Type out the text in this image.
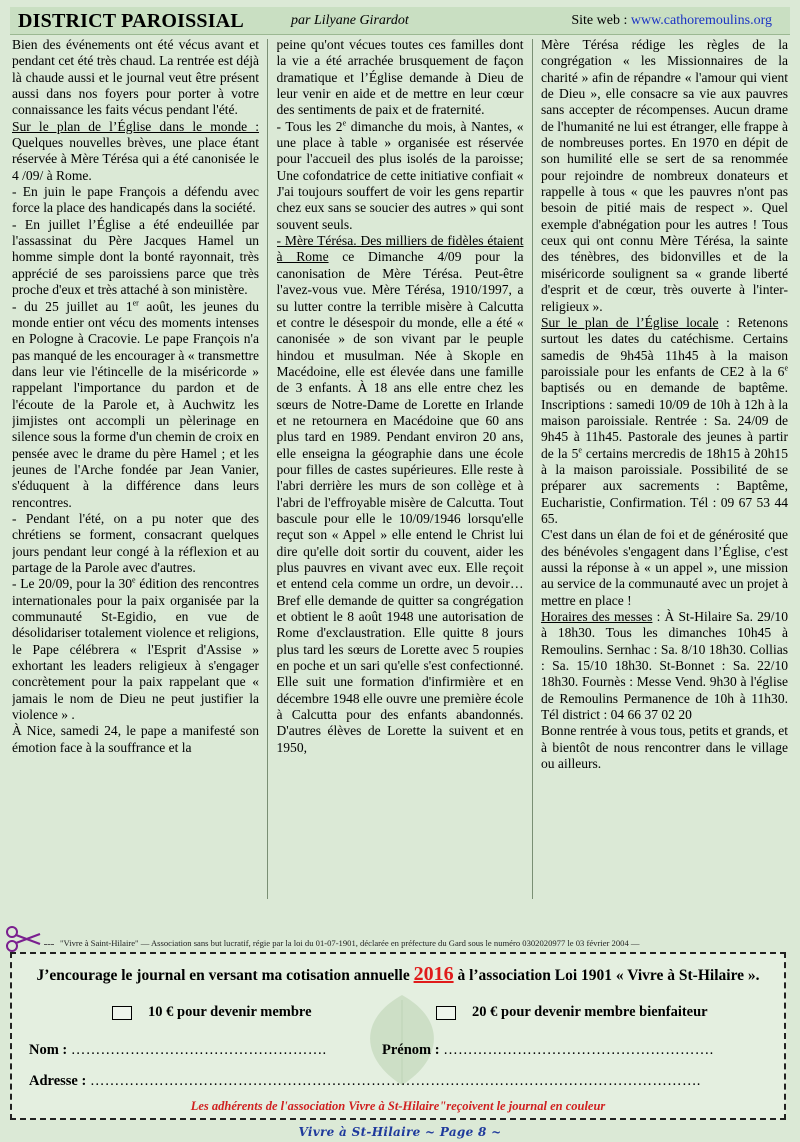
DISTRICT PAROISSIAL	par Lilyane Girardot	Site web : www.cathoremoulins.org

Bien des événements ont été vécus avant et pendant cet été très chaud. La rentrée est déjà là chaude aussi et le journal veut être présent aussi dans nos foyers pour porter à votre connaissance les faits vécus pendant l'été.

Sur le plan de l’Église dans le monde : Quelques nouvelles brèves, une place étant réservée à Mère Térésa qui a été canonisée le 4 /09/ à Rome.

- En juin le pape François a défendu avec force la place des handicapés dans la société.

- En juillet l’Église a été endeuillée par l'assassinat du Père Jacques Hamel un homme simple dont la bonté rayonnait, très apprécié de ses paroissiens parce que très proche d'eux et très attaché à son ministère.

- du 25 juillet au 1er août, les jeunes du monde entier ont vécu des moments intenses en Pologne à Cracovie. Le pape François n'a pas manqué de les encourager à « transmettre dans leur vie l'étincelle de la miséricorde » rappelant l'importance du pardon et de l'écoute de la Parole et, à Auchwitz les jimjistes ont accompli un pèlerinage en silence sous la forme d'un chemin de croix en pensée avec le drame du père Hamel ; et les jeunes de l'Arche fondée par Jean Vanier, s'éduquent à la différence dans leurs rencontres.

- Pendant l'été, on a pu noter que des chrétiens se forment, consacrant quelques jours pendant leur congé à la réflexion et au partage de la Parole avec d'autres.

- Le 20/09, pour la 30e édition des rencontres internationales pour la paix organisée par la communauté St-Egidio, en vue de désolidariser totalement violence et religions, le Pape célébrera « l'Esprit d'Assise » exhortant les leaders religieux à s'engager concrètement pour la paix rappelant que « jamais le nom de Dieu ne peut justifier la violence » .

À Nice, samedi 24, le pape a manifesté son émotion face à la souffrance et la

peine qu'ont vécues toutes ces familles dont la vie a été arrachée brusquement de façon dramatique et l’Église demande à Dieu de leur venir en aide et de mettre en leur cœur des sentiments de paix et de fraternité.

- Tous les 2e dimanche du mois, à Nantes, « une place à table » organisée est réservée pour l'accueil des plus isolés de la paroisse; Une cofondatrice de cette initiative confiait « J'ai toujours souffert de voir les gens repartir chez eux sans se soucier des autres » qui sont souvent seuls.

- Mère Térésa. Des milliers de fidèles étaient à Rome ce Dimanche 4/09 pour la canonisation de Mère Térésa. Peut-être l'avez-vous vue. Mère Térésa, 1910/1997, a su lutter contre la terrible misère à Calcutta et contre le désespoir du monde, elle a été « canonisée » de son vivant par le peuple hindou et musulman. Née à Skople en Macédoine, elle est élevée dans une famille de 3 enfants. À 18 ans elle entre chez les sœurs de Notre-Dame de Lorette en Irlande et ne retournera en Macédoine que 60 ans plus tard en 1989. Pendant environ 20 ans, elle enseigna la géographie dans une école pour filles de castes supérieures. Elle reste à l'abri derrière les murs de son collège et à l'abri de l'effroyable misère de Calcutta. Tout bascule pour elle le 10/09/1946 lorsqu'elle reçut son « Appel » elle entend le Christ lui dire qu'elle doit sortir du couvent, aider les plus pauvres en vivant avec eux. Elle reçoit et entend cela comme un ordre, un devoir… Bref elle demande de quitter sa congrégation et obtient le 8 août 1948 une autorisation de Rome d'exclaustration. Elle quitte 8 jours plus tard les sœurs de Lorette avec 5 roupies en poche et un sari qu'elle s'est confectionné. Elle suit une formation d'infirmière et en décembre 1948 elle ouvre une première école à Calcutta pour des enfants abandonnés. D'autres élèves de Lorette la suivent et en 1950,

Mère Térésa rédige les règles de la congrégation « les Missionnaires de la charité » afin de répandre « l'amour qui vient de Dieu », elle consacre sa vie aux pauvres sans accepter de récompenses. Aucun drame de l'humanité ne lui est étranger, elle frappe à de nombreuses portes. En 1970 en dépit de son humilité elle se sert de sa renommée pour rejoindre de nombreux donateurs et rappelle à tous « que les pauvres n'ont pas besoin de pitié mais de respect ». Quel exemple d'abnégation pour les autres ! Tous ceux qui ont connu Mère Térésa, la sainte des ténèbres, des bidonvilles et de la miséricorde soulignent sa « grande liberté d'esprit et de cœur, très ouverte à l'inter-religieux ».

Sur le plan de l’Église locale : Retenons surtout les dates du catéchisme. Certains samedis de 9h45à 11h45 à la maison paroissiale pour les enfants de CE2 à la 6e baptisés ou en demande de baptême. Inscriptions : samedi 10/09 de 10h à 12h à la maison paroissiale. Rentrée : Sa. 24/09 de 9h45 à 11h45. Pastorale des jeunes à partir de la 5e certains mercredis de 18h15 à 20h15 à la maison paroissiale. Possibilité de se préparer aux sacrements : Baptême, Eucharistie, Confirmation. Tél : 09 67 53 44 65.

C'est dans un élan de foi et de générosité que des bénévoles s'engagent dans l’Église, c'est aussi la réponse à « un appel », une mission au service de la communauté avec un projet à mettre en place !

Horaires des messes : À St-Hilaire Sa. 29/10 à 18h30. Tous les dimanches 10h45 à Remoulins. Sernhac : Sa. 8/10 18h30. Collias : Sa. 15/10 18h30. St-Bonnet : Sa. 22/10 18h30. Fournès : Messe Vend. 9h30 à l'église de Remoulins Permanence de 10h à 11h30. Tél district : 04 66 37 02 20

Bonne rentrée à vous tous, petits et grands, et à bientôt de nous rencontrer dans le village ou ailleurs.

"Vivre à Saint-Hilaire" — Association sans but lucratif, régie par la loi du 01-07-1901, déclarée en préfecture du Gard sous le numéro 0302020977 le 03 février 2004 —
J’encourage le journal en versant ma cotisation annuelle 2016 à l’association Loi 1901 « Vivre à St-Hilaire ».
10 € pour devenir membre	20 € pour devenir membre bienfaiteur
Nom : …………………………………………….	Prénom : ……………………………………………….
Adresse : …………………………………………………………………………………………………………….
Les adhérents de l'association Vivre à St-Hilaire"reçoivent le journal en couleur
Vivre à St-Hilaire ~ Page 8 ~
